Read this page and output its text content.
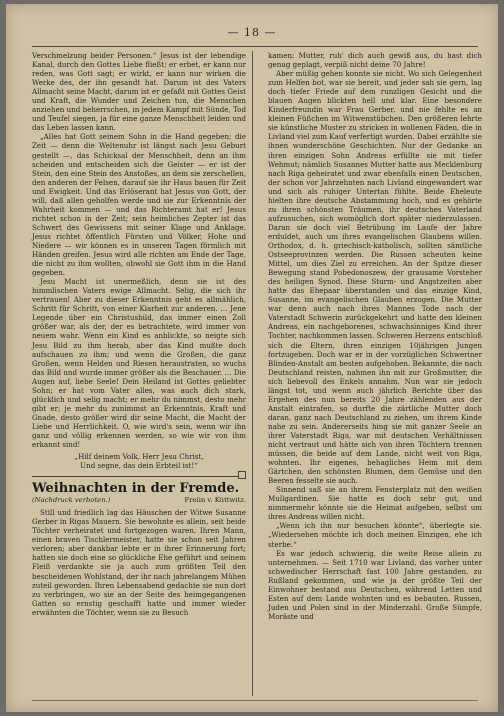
— 18 —

Verschmelzung beider Personen.“ Jesus ist der lebendige Kanal, durch den Gottes Liebe fließt; er erbet, er kann nur reden, was Gott sagt; er wirkt, er kann nur wirken die Werke des, der ihn gesandt hat. Darum ist des Vaters Allmacht seine Macht, darum ist er gefaßt mit Gottes Geist und Kraft, die Wunder und Zeichen tun, die Menschen anziehen und beherrschen, in jedem Kampf mit Sünde, Tod und Teufel siegen, ja für eine ganze Menschheit leiden und das Leben lassen kann.

„Alles hat Gott seinem Sohn in die Hand gegeben; die Zeit — denn die Weltenuhr ist längst nach Jesu Geburt gestellt —, das Schicksal der Menschheit, denn an ihm scheiden und entscheiden sich die Geister — er ist der Stein, den eine Stein des Anstoßes, an dem sie zerschellen, den anderen der Felsen, darauf sie ihr Haus bauen für Zeit und Ewigkeit. Und das Erlöserant hat Jesus von Gott, der will, daß allen geholfen werde und sie zur Erkenntnis der Wahrheit kommen — und das Richteramt hat er! Jesus richtet schon in der Zeit; sein heimliches Zepter ist das Schwert des Gewissens mit seiner Klage und Anklage. Jesus richtet öffentlich Fürsten und Völker, Hohe und Niedere — wir können es in unseren Tagen förmlich mit Händen greifen. Jesus wird alle richten am Ende der Tage, die nicht zu ihm wollten, obwohl sie Gott ihm in die Hand gegeben.

Jesu Macht ist unermeßlich, denn sie ist des himmlischen Vaters ewige Allmacht. Selig, die sich ihr vertrauen! Aber zu dieser Erkenntnis geht es allmählich, Schritt für Schritt, von einer Klarheit zur anderen. … Jene Legende über ein Christusbild, das immer einen Zoll größer war, als der, der es betrachtete, wird immer von neuem wahr. Wenn ein Kind es anblickte, so neigte sich Jesu Bild zu ihm herab, aber das Kind mußte doch aufschauen zu ihm; und wenn die Großen, die ganz Großen, wenn Helden und Riesen heraustraten, so wuchs das Bild und wurde immer größer als die Beschauer. … Die Augen auf, liebe Seele! Dein Heiland ist Gottes geliebter Sohn; er hat vom Vater alles, was auch dich stark, glücklich und selig macht; er mehr du nimmst, desto mehr gibt er; je mehr du zunimmst an Erkenntnis, Kraft und Gnade, desto größer wird dir seine Macht, die Macht der Liebe und Herrlichkeit. O, wie wird's sein, wenn wir ihn ganz und völlig erkennen werden, so wie wir von ihm erkannt sind!

„Hilf deinem Volk, Herr Jesu Christ,
Und segne, das dein Erbteil ist!“
Weihnachten in der Fremde.
(Nachdruck verboten.)	Freiin v. Küttwitz.

Still und friedlich lag das Häuschen der Witwe Susanne Gerber in Rigas Mauern. Sie bewohnte es allein, seit beide Töchter verheiratet und fortgezogen waren. Ihren Mann, einen braven Tischlermeister, hatte sie schon seit Jahren verloren; aber dankbar lebte er in ihrer Erinnerung fort; hatten sie doch eine so glückliche Ehe geführt und seinem Fleiß verdankte sie ja auch zum größten Teil den bescheidenen Wohlstand, der ihr nach jahrelangem Mühen zuteil geworden. Ihren Lebensabend gedachte sie nun dort zu verbringen, wo sie an der Seite des heimgegangenen Gatten so ernstig geschafft hatte und immer wieder erwähnten die Töchter, wenn sie zu Besuch

kamen: Mutter, ruh' dich auch gewiß aus, du hast dich genug geplagt, verpiß nicht deine 70 Jahre!

Aber müßig gehen konnte sie nicht. Wo sich Gelegenheit zum Helfen bot, war sie bereit, und jeder sah sie gern, lag doch tiefer Friede auf dem runzligen Gesicht und die blauen Augen blickten hell und klar. Eine besondere Kinderfreundin war Frau Gerber, und nie fehlte es an kleinen Füßchen im Witwenstübchen. Den größeren lehrte sie künstliche Muster zu stricken in wollenen Fäden, die in Livland viel zum Kauf verfertigt wurden. Dabei erzählte sie ihnen wunderschöne Geschichten. Nur der Gedanke an ihren einzigen Sohn Andreas erfüllte sie mit tiefer Wehmut; nämlich Susannes Mutter hatte aus Mecklenburg nach Riga geheiratet und zwar ebenfalls einen Deutschen, der schon vor Jahrzehnten nach Livland eingewandert war und sich als ruhiger Untertan fühlte. Beide Eheleute hielten ihre deutsche Abstammung hoch, und es gehörte zu ihren schönsten Träumen, ihr deutsches Vaterland aufzusuchen, sich womöglich dort später niederzulassen. Daran sie doch viel Betrübung im Laufe der Jahre erduldet, auch um ihres evangelischen Glaubens willen. Orthodox, d. h. griechisch-katholisch, sollten sämtliche Ostseeprovinzen werden. Die Russen scheuten keine Mittel, um dies Ziel zu erreichen. An der Spitze dieser Bewegung stand Pobedonoszew, der grausame Vorsteher des heiligen Synod. Diese Sturm- und Angstzeiten aber hatte das Ehepaar überstanden und das einzige Kind, Susanne, im evangelischen Glauben erzogen. Die Mutter war denn auch nach ihres Mannes Tode nach der Vaterstadt Schwerin zurückgekehrt und hatte den kleinen Andreas, ein nachgeborenes, schwachsinniges Kind ihrer Tochter, nachkommen lassen. Schweren Herzens entschloß sich die Eltern, ihren einzigen 10jährigen Jungen fortzugeben. Doch war er in der vorzüglichen Schweriner Blinden-Anstalt am besten aufgehoben. Bekannte, die nach Deutschland reisten, nahmen ihn mit zur Großmutter, die sich liebevoll des Enkels annahm. Nun war sie jedoch längst tot, und wenn auch jährlich Berichte über das Ergehen des nun bereits 20 Jahre zählenden aus der Anstalt eintrafen, so durfte die zärtliche Mutter doch daran, ganz nach Deutschland zu ziehen, um ihrem Kinde nahe zu sein. Andererseits hing sie mit ganzer Seele an ihrer Vaterstadt Riga, war mit deutschen Verhältnissen nicht vertraut und hätte sich von ihren Töchtern trennen müssen, die beide auf dem Lande, nicht weit von Riga, wohnten. Ihr eigenes, behagliches Heim mit dem Gärtchen, den schönsten Blumen, dem Gemüse und den Beeren fesselte sie auch.

Sinnend saß sie an ihrem Fensterplatz mit den weißen Mullgardinen. Sie hatte es doch sehr gut, und nimmermehr könnte sie die Heimat aufgeben, selbst um ihres Andreas willen nicht.

„Wenn ich ihn nur besuchen könnte“, überlegte sie. „Wiedersehen möchte ich doch meinen Einzigen, ehe ich sterbe.“

Es war jedoch schwierig, die weite Reise allein zu unternehmen. — Seit 1710 war Livland, das vorher unter schwedischer Herrschaft fast 100 Jahre gestanden, zu Rußland gekommen, und wie ja der größte Teil der Einwohner bestand aus Deutschen, während Letten und Esten auf dem Lande wohnten und es bebauten. Russen, Juden und Polen sind in der Minderzahl. Große Sümpfe, Moräste und
